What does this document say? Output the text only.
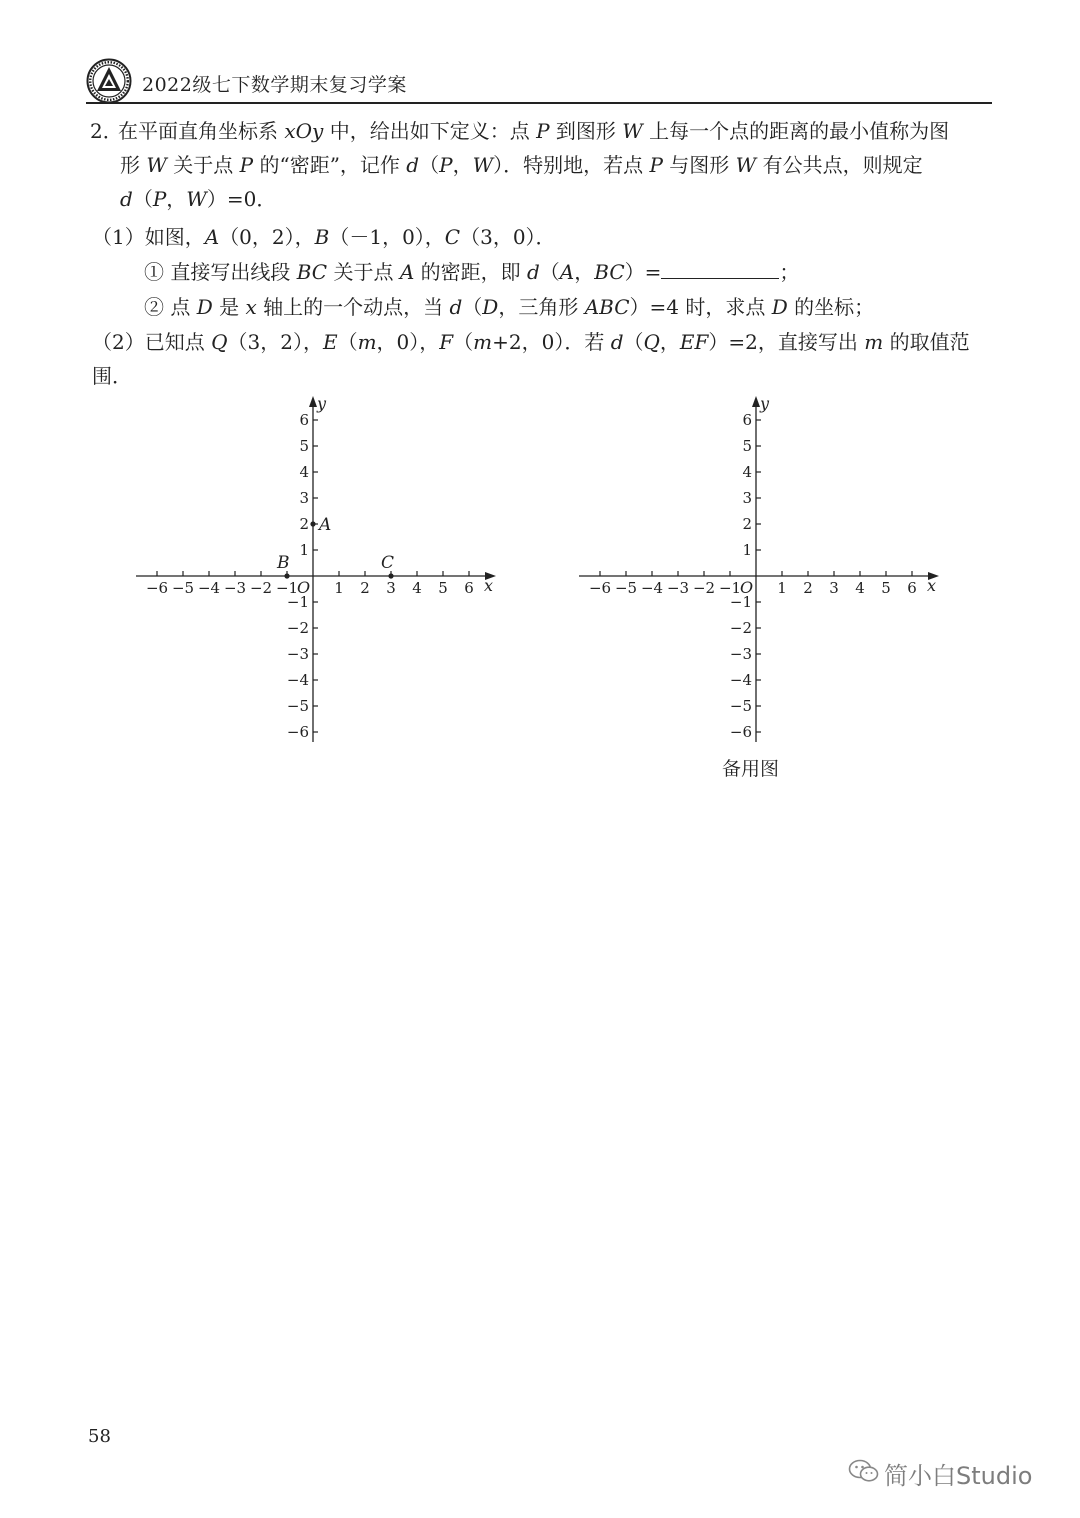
2022级七下数学期末复习学案
2．在平面直角坐标系 xOy 中，给出如下定义：点 P 到图形 W 上每一个点的距离的最小值称为图
形 W 关于点 P 的“密距”，记作 d（P，W）．特别地，若点 P 与图形 W 有公共点，则规定
d（P，W）=0．
（1）如图，A（0，2），B（－1，0），C（3，0）．
① 直接写出线段 BC 关于点 A 的密距，即 d（A，BC）=	；
② 点 D 是 x 轴上的一个动点，当 d（D，三角形 ABC）=4 时，求点 D 的坐标；
（2）已知点 Q（3，2），E（m，0），F（m+2，0）．若 d（Q，EF）=2，直接写出 m 的取值范围．
x
y
O
−6 −5 −4 −3 −2 −1 1 2 3 4 5 6
6
5
4
3
2
1
−1
−2
−3
−4
−5
−6
A
B	C
x
y
O
−6 −5 −4 −3 −2 −1 1 2 3 4 5 6
6
5
4
3
2
1
−1
−2
−3
−4
−5
−6
备用图
58
简小白Studio
